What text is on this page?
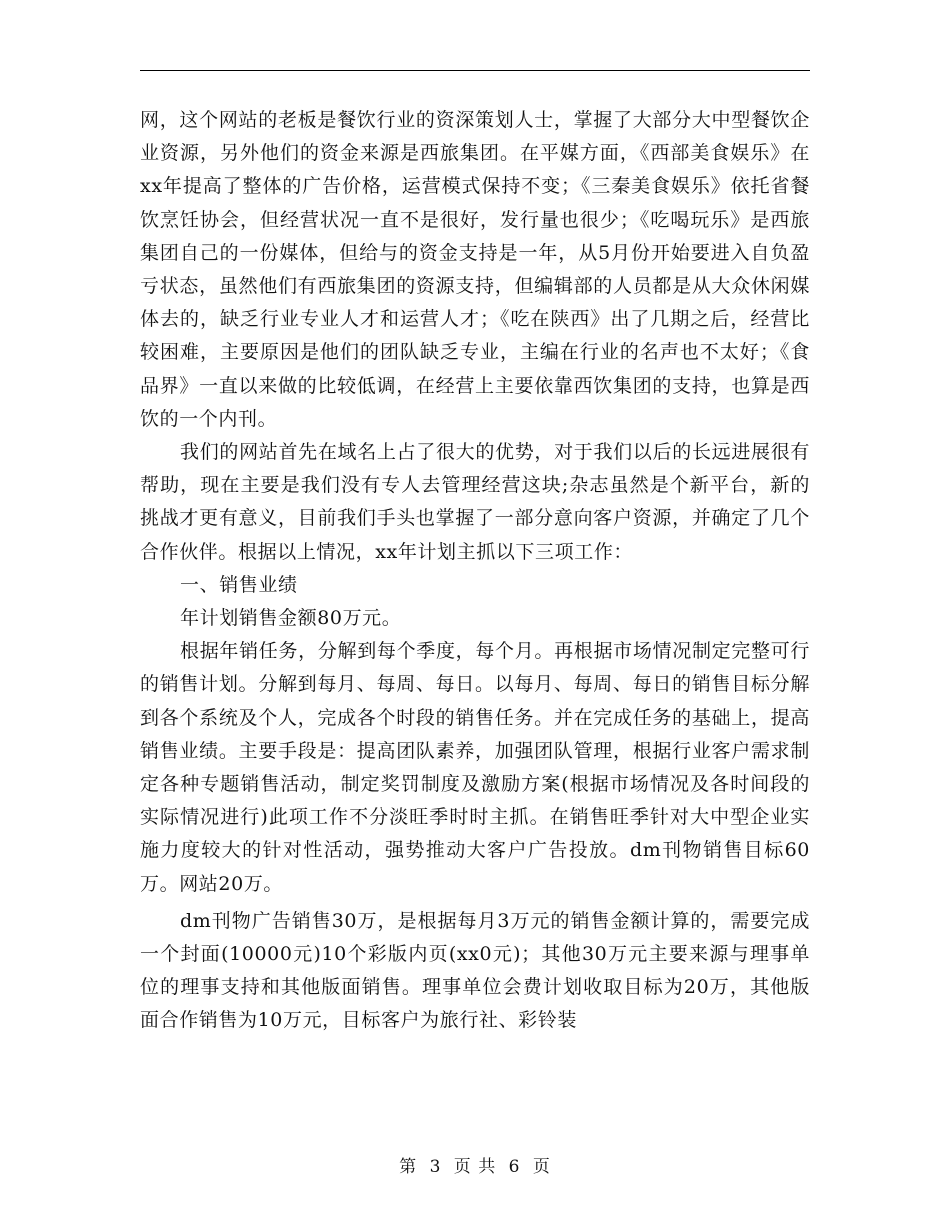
网，这个网站的老板是餐饮行业的资深策划人士，掌握了大部分大中型餐饮企业资源，另外他们的资金来源是西旅集团。在平媒方面，《西部美食娱乐》在xx年提高了整体的广告价格，运营模式保持不变；《三秦美食娱乐》依托省餐饮烹饪协会，但经营状况一直不是很好，发行量也很少；《吃喝玩乐》是西旅集团自己的一份媒体，但给与的资金支持是一年，从5月份开始要进入自负盈亏状态，虽然他们有西旅集团的资源支持，但编辑部的人员都是从大众休闲媒体去的，缺乏行业专业人才和运营人才；《吃在陕西》出了几期之后，经营比较困难，主要原因是他们的团队缺乏专业，主编在行业的名声也不太好；《食品界》一直以来做的比较低调，在经营上主要依靠西饮集团的支持，也算是西饮的一个内刊。

我们的网站首先在域名上占了很大的优势，对于我们以后的长远进展很有帮助，现在主要是我们没有专人去管理经营这块;杂志虽然是个新平台，新的挑战才更有意义，目前我们手头也掌握了一部分意向客户资源，并确定了几个合作伙伴。根据以上情况，xx年计划主抓以下三项工作：

一、销售业绩

年计划销售金额80万元。

根据年销任务，分解到每个季度，每个月。再根据市场情况制定完整可行的销售计划。分解到每月、每周、每日。以每月、每周、每日的销售目标分解到各个系统及个人，完成各个时段的销售任务。并在完成任务的基础上，提高销售业绩。主要手段是：提高团队素养，加强团队管理，根据行业客户需求制定各种专题销售活动，制定奖罚制度及激励方案(根据市场情况及各时间段的实际情况进行)此项工作不分淡旺季时时主抓。在销售旺季针对大中型企业实施力度较大的针对性活动，强势推动大客户广告投放。dm刊物销售目标60万。网站20万。

dm刊物广告销售30万，是根据每月3万元的销售金额计算的，需要完成一个封面(10000元)10个彩版内页(xx0元)；其他30万元主要来源与理事单位的理事支持和其他版面销售。理事单位会费计划收取目标为20万，其他版面合作销售为10万元，目标客户为旅行社、彩铃装

第 3 页 共 6 页
